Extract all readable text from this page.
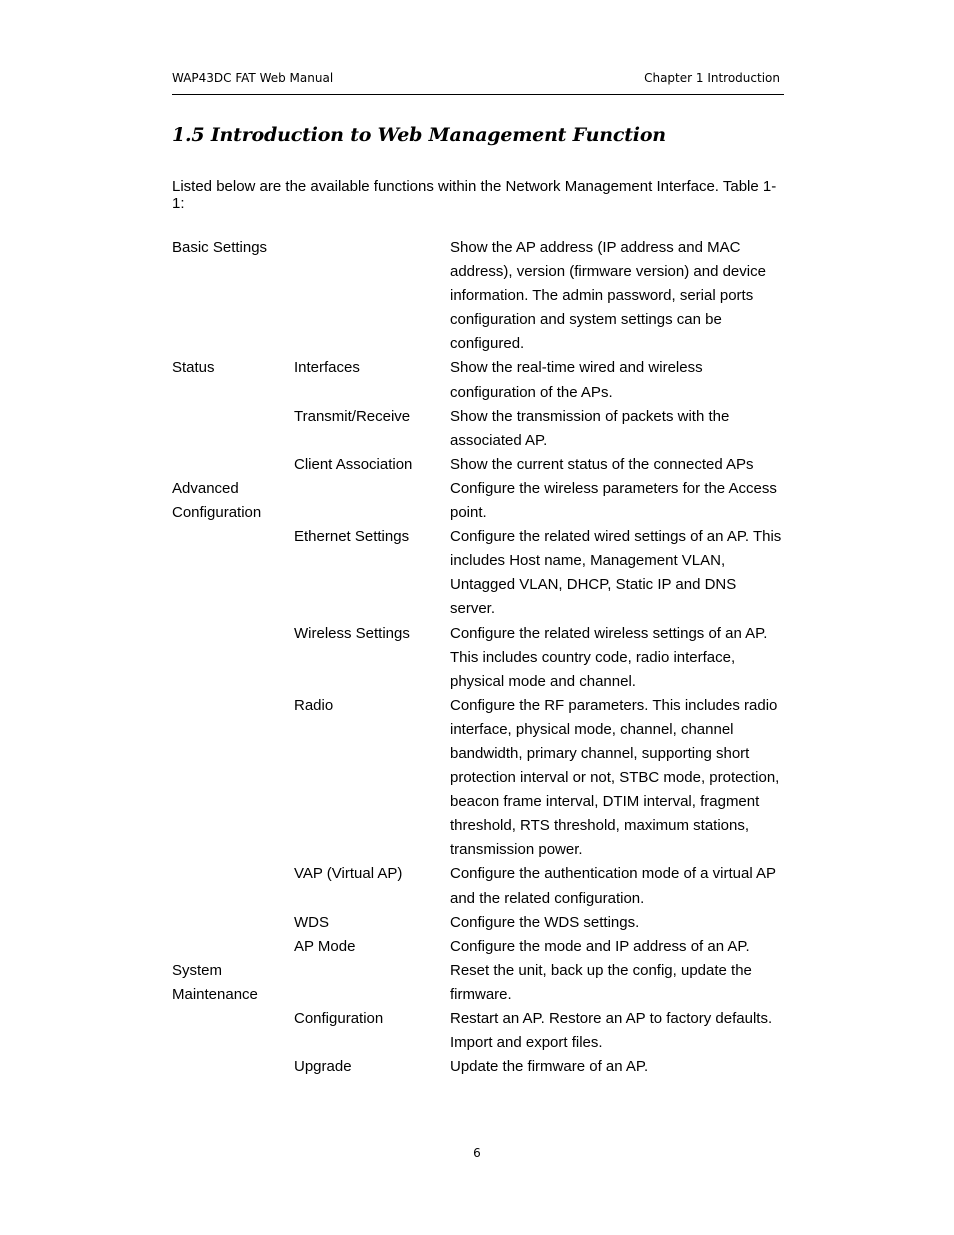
WAP43DC FAT Web Manual	Chapter 1 Introduction
1.5 Introduction to Web Management Function

Listed below are the available functions within the Network Management Interface. Table 1-1:

Basic Settings		Show the AP address (IP address and MAC address), version (firmware version) and device information. The admin password, serial ports configuration and system settings can be configured.
Status	Interfaces	Show the real-time wired and wireless configuration of the APs.
	Transmit/Receive	Show the transmission of packets with the associated AP.
	Client Association	Show the current status of the connected APs
Advanced Configuration		Configure the wireless parameters for the Access point.
	Ethernet Settings	Configure the related wired settings of an AP. This includes Host name, Management VLAN, Untagged VLAN, DHCP, Static IP and DNS server.
	Wireless Settings	Configure the related wireless settings of an AP. This includes country code, radio interface, physical mode and channel.
	Radio	Configure the RF parameters. This includes radio interface, physical mode, channel, channel bandwidth, primary channel, supporting short protection interval or not, STBC mode, protection, beacon frame interval, DTIM interval, fragment threshold, RTS threshold, maximum stations, transmission power.
	VAP (Virtual AP)	Configure the authentication mode of a virtual AP and the related configuration.
	WDS	Configure the WDS settings.
	AP Mode	Configure the mode and IP address of an AP.
System Maintenance		Reset the unit, back up the config, update the firmware.
	Configuration	Restart an AP. Restore an AP to factory defaults. Import and export files.
	Upgrade	Update the firmware of an AP.
6
